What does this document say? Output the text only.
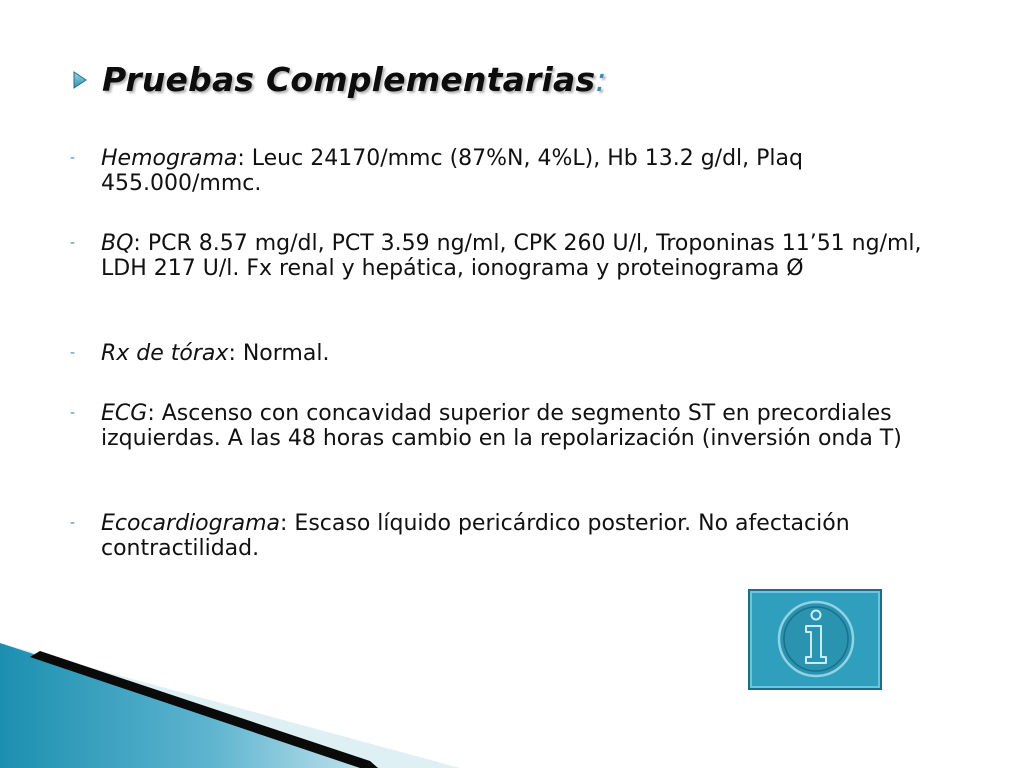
Pruebas Complementarias:
-	Hemograma: Leuc 24170/mmc (87%N, 4%L), Hb 13.2 g/dl, Plaq 455.000/mmc.
-	BQ: PCR 8.57 mg/dl, PCT 3.59 ng/ml, CPK 260 U/l, Troponinas 11’51 ng/ml, LDH 217 U/l. Fx renal y hepática, ionograma y proteinograma Ø
-	Rx de tórax: Normal.
-	ECG: Ascenso con concavidad superior de segmento ST en precordiales izquierdas. A las 48 horas cambio en la repolarización (inversión onda T)
-	Ecocardiograma: Escaso líquido pericárdico posterior. No afectación contractilidad.
